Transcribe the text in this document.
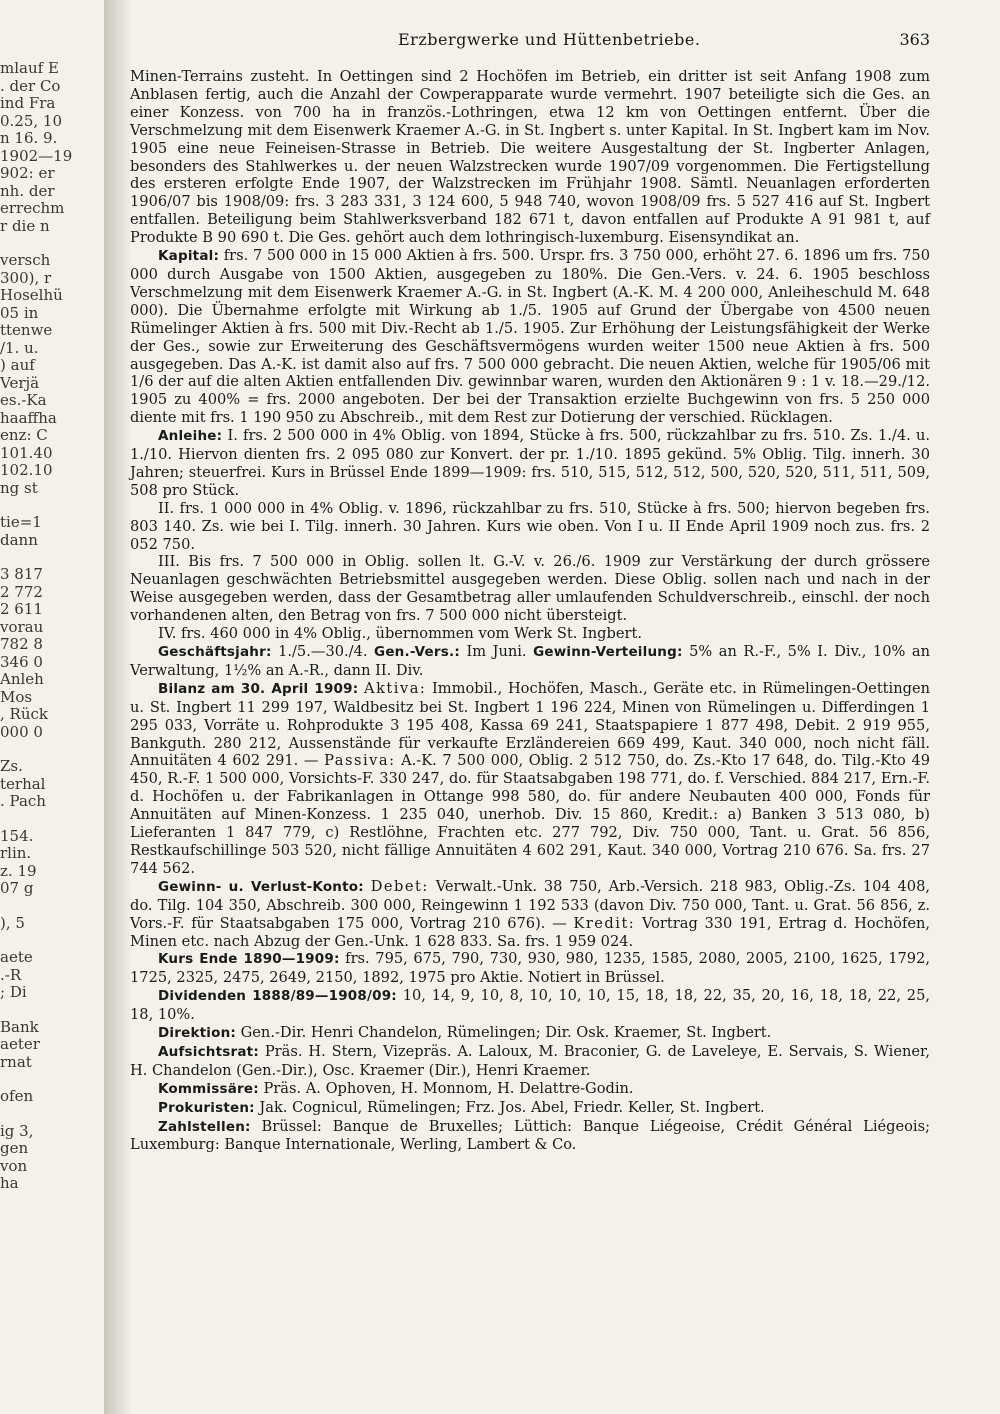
mlauf E
. der Co
ind Fra
0.25, 10
n 16. 9.
1902—19
902: er
nh. der
errechm
r die n
versch
300), r
Hoselhü
05 in
ttenwe
/1. u.
) auf
Verjä
es.-Ka
haaffha
enz: C
101.40
102.10
ng st
tie=1
dann
3 817
2 772
2 611
vorau
782 8
346 0
Anleh
Mos
, Rück
000 0
Zs.
terhal
. Pach
154.
rlin.
z. 19
07 g
), 5
aete
.-R
; Di
Bank
aeter
rnat
ofen
ig 3,
gen
von
ha
Erzbergwerke und Hüttenbetriebe.	363

Minen-Terrains zusteht. In Oettingen sind 2 Hochöfen im Betrieb, ein dritter ist seit Anfang 1908 zum Anblasen fertig, auch die Anzahl der Cowperapparate wurde vermehrt. 1907 beteiligte sich die Ges. an einer Konzess. von 700 ha in französ.-Lothringen, etwa 12 km von Oettingen entfernt. Über die Verschmelzung mit dem Eisenwerk Kraemer A.-G. in St. Ingbert s. unter Kapital. In St. Ingbert kam im Nov. 1905 eine neue Feineisen-Strasse in Betrieb. Die weitere Ausgestaltung der St. Ingberter Anlagen, besonders des Stahlwerkes u. der neuen Walzstrecken wurde 1907/09 vorgenommen. Die Fertigstellung des ersteren erfolgte Ende 1907, der Walzstrecken im Frühjahr 1908. Sämtl. Neuanlagen erforderten 1906/07 bis 1908/09: frs. 3 283 331, 3 124 600, 5 948 740, wovon 1908/09 frs. 5 527 416 auf St. Ingbert entfallen. Beteiligung beim Stahlwerksverband 182 671 t, davon entfallen auf Produkte A 91 981 t, auf Produkte B 90 690 t. Die Ges. gehört auch dem lothringisch-luxemburg. Eisensyndikat an.

Kapital: frs. 7 500 000 in 15 000 Aktien à frs. 500. Urspr. frs. 3 750 000, erhöht 27. 6. 1896 um frs. 750 000 durch Ausgabe von 1500 Aktien, ausgegeben zu 180%. Die Gen.-Vers. v. 24. 6. 1905 beschloss Verschmelzung mit dem Eisenwerk Kraemer A.-G. in St. Ingbert (A.-K. M. 4 200 000, Anleiheschuld M. 648 000). Die Übernahme erfolgte mit Wirkung ab 1./5. 1905 auf Grund der Übergabe von 4500 neuen Rümelinger Aktien à frs. 500 mit Div.-Recht ab 1./5. 1905. Zur Erhöhung der Leistungsfähigkeit der Werke der Ges., sowie zur Erweiterung des Geschäftsvermögens wurden weiter 1500 neue Aktien à frs. 500 ausgegeben. Das A.-K. ist damit also auf frs. 7 500 000 gebracht. Die neuen Aktien, welche für 1905/06 mit 1/6 der auf die alten Aktien entfallenden Div. gewinnbar waren, wurden den Aktionären 9 : 1 v. 18.—29./12. 1905 zu 400% = frs. 2000 angeboten. Der bei der Transaktion erzielte Buchgewinn von frs. 5 250 000 diente mit frs. 1 190 950 zu Abschreib., mit dem Rest zur Dotierung der verschied. Rücklagen.

Anleihe: I. frs. 2 500 000 in 4% Oblig. von 1894, Stücke à frs. 500, rückzahlbar zu frs. 510. Zs. 1./4. u. 1./10. Hiervon dienten frs. 2 095 080 zur Konvert. der pr. 1./10. 1895 gekünd. 5% Oblig. Tilg. innerh. 30 Jahren; steuerfrei. Kurs in Brüssel Ende 1899—1909: frs. 510, 515, 512, 512, 500, 520, 520, 511, 511, 509, 508 pro Stück.

II. frs. 1 000 000 in 4% Oblig. v. 1896, rückzahlbar zu frs. 510, Stücke à frs. 500; hiervon begeben frs. 803 140. Zs. wie bei I. Tilg. innerh. 30 Jahren. Kurs wie oben. Von I u. II Ende April 1909 noch zus. frs. 2 052 750.

III. Bis frs. 7 500 000 in Oblig. sollen lt. G.-V. v. 26./6. 1909 zur Verstärkung der durch grössere Neuanlagen geschwächten Betriebsmittel ausgegeben werden. Diese Oblig. sollen nach und nach in der Weise ausgegeben werden, dass der Gesamtbetrag aller umlaufenden Schuldverschreib., einschl. der noch vorhandenen alten, den Betrag von frs. 7 500 000 nicht übersteigt.

IV. frs. 460 000 in 4% Oblig., übernommen vom Werk St. Ingbert.

Geschäftsjahr: 1./5.—30./4. Gen.-Vers.: Im Juni. Gewinn-Verteilung: 5% an R.-F., 5% I. Div., 10% an Verwaltung, 1½% an A.-R., dann II. Div.

Bilanz am 30. April 1909: Aktiva: Immobil., Hochöfen, Masch., Geräte etc. in Rümelingen-Oettingen u. St. Ingbert 11 299 197, Waldbesitz bei St. Ingbert 1 196 224, Minen von Rümelingen u. Differdingen 1 295 033, Vorräte u. Rohprodukte 3 195 408, Kassa 69 241, Staatspapiere 1 877 498, Debit. 2 919 955, Bankguth. 280 212, Aussenstände für verkaufte Erzländereien 669 499, Kaut. 340 000, noch nicht fäll. Annuitäten 4 602 291. — Passiva: A.-K. 7 500 000, Oblig. 2 512 750, do. Zs.-Kto 17 648, do. Tilg.-Kto 49 450, R.-F. 1 500 000, Vorsichts-F. 330 247, do. für Staatsabgaben 198 771, do. f. Verschied. 884 217, Ern.-F. d. Hochöfen u. der Fabrikanlagen in Ottange 998 580, do. für andere Neubauten 400 000, Fonds für Annuitäten auf Minen-Konzess. 1 235 040, unerhob. Div. 15 860, Kredit.: a) Banken 3 513 080, b) Lieferanten 1 847 779, c) Restlöhne, Frachten etc. 277 792, Div. 750 000, Tant. u. Grat. 56 856, Restkaufschillinge 503 520, nicht fällige Annuitäten 4 602 291, Kaut. 340 000, Vortrag 210 676. Sa. frs. 27 744 562.

Gewinn- u. Verlust-Konto: Debet: Verwalt.-Unk. 38 750, Arb.-Versich. 218 983, Oblig.-Zs. 104 408, do. Tilg. 104 350, Abschreib. 300 000, Reingewinn 1 192 533 (davon Div. 750 000, Tant. u. Grat. 56 856, z. Vors.-F. für Staatsabgaben 175 000, Vortrag 210 676). — Kredit: Vortrag 330 191, Ertrag d. Hochöfen, Minen etc. nach Abzug der Gen.-Unk. 1 628 833. Sa. frs. 1 959 024.

Kurs Ende 1890—1909: frs. 795, 675, 790, 730, 930, 980, 1235, 1585, 2080, 2005, 2100, 1625, 1792, 1725, 2325, 2475, 2649, 2150, 1892, 1975 pro Aktie. Notiert in Brüssel.

Dividenden 1888/89—1908/09: 10, 14, 9, 10, 8, 10, 10, 10, 15, 18, 18, 22, 35, 20, 16, 18, 18, 22, 25, 18, 10%.

Direktion: Gen.-Dir. Henri Chandelon, Rümelingen; Dir. Osk. Kraemer, St. Ingbert.

Aufsichtsrat: Präs. H. Stern, Vizepräs. A. Laloux, M. Braconier, G. de Laveleye, E. Servais, S. Wiener, H. Chandelon (Gen.-Dir.), Osc. Kraemer (Dir.), Henri Kraemer.

Kommissäre: Präs. A. Ophoven, H. Monnom, H. Delattre-Godin.

Prokuristen: Jak. Cognicul, Rümelingen; Frz. Jos. Abel, Friedr. Keller, St. Ingbert.

Zahlstellen: Brüssel: Banque de Bruxelles; Lüttich: Banque Liégeoise, Crédit Général Liégeois; Luxemburg: Banque Internationale, Werling, Lambert & Co.
